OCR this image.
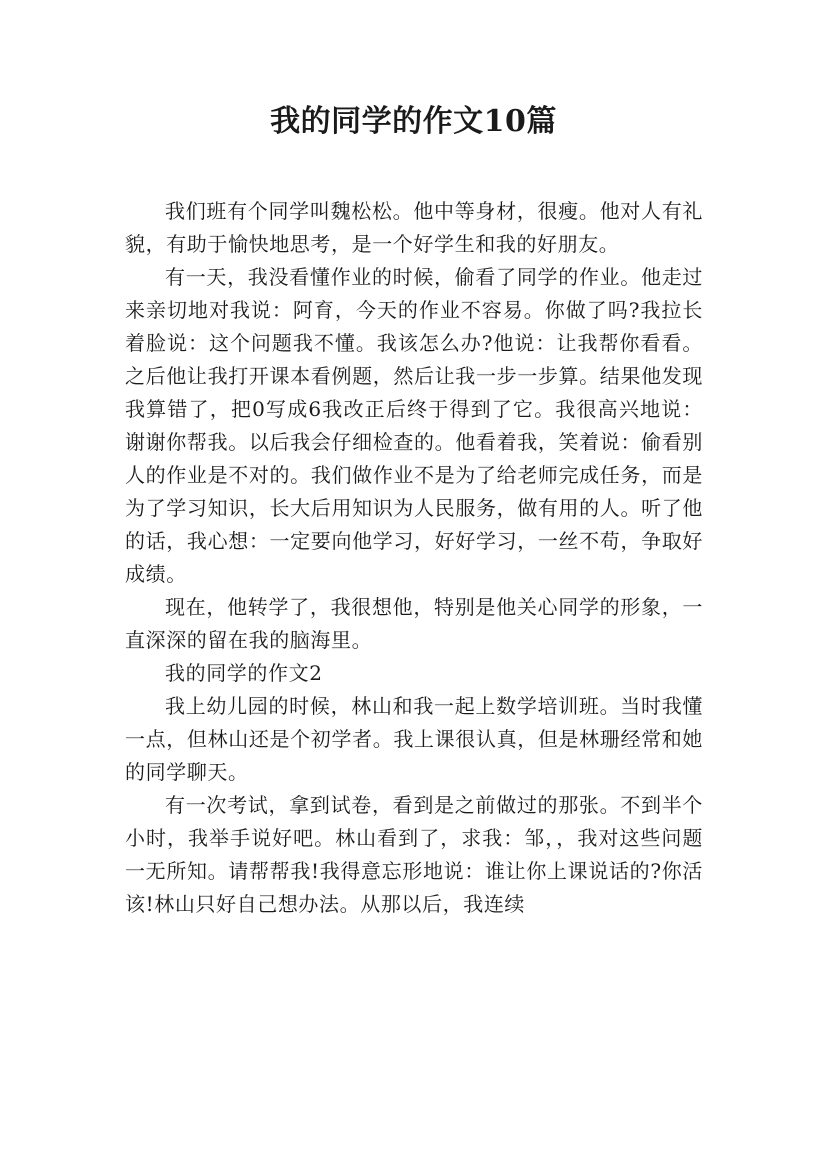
我的同学的作文10篇

我们班有个同学叫魏松松。他中等身材，很瘦。他对人有礼貌，有助于愉快地思考，是一个好学生和我的好朋友。

有一天，我没看懂作业的时候，偷看了同学的作业。他走过来亲切地对我说：阿育，今天的作业不容易。你做了吗?我拉长着脸说：这个问题我不懂。我该怎么办?他说：让我帮你看看。之后他让我打开课本看例题，然后让我一步一步算。结果他发现我算错了，把0写成6我改正后终于得到了它。我很高兴地说：谢谢你帮我。以后我会仔细检查的。他看着我，笑着说：偷看别人的作业是不对的。我们做作业不是为了给老师完成任务，而是为了学习知识，长大后用知识为人民服务，做有用的人。听了他的话，我心想：一定要向他学习，好好学习，一丝不苟，争取好成绩。

现在，他转学了，我很想他，特别是他关心同学的形象，一直深深的留在我的脑海里。

我的同学的作文2

我上幼儿园的时候，林山和我一起上数学培训班。当时我懂一点，但林山还是个初学者。我上课很认真，但是林珊经常和她的同学聊天。

有一次考试，拿到试卷，看到是之前做过的那张。不到半个小时，我举手说好吧。林山看到了，求我：邹，，我对这些问题一无所知。请帮帮我!我得意忘形地说：谁让你上课说话的?你活该!林山只好自己想办法。从那以后，我连续
